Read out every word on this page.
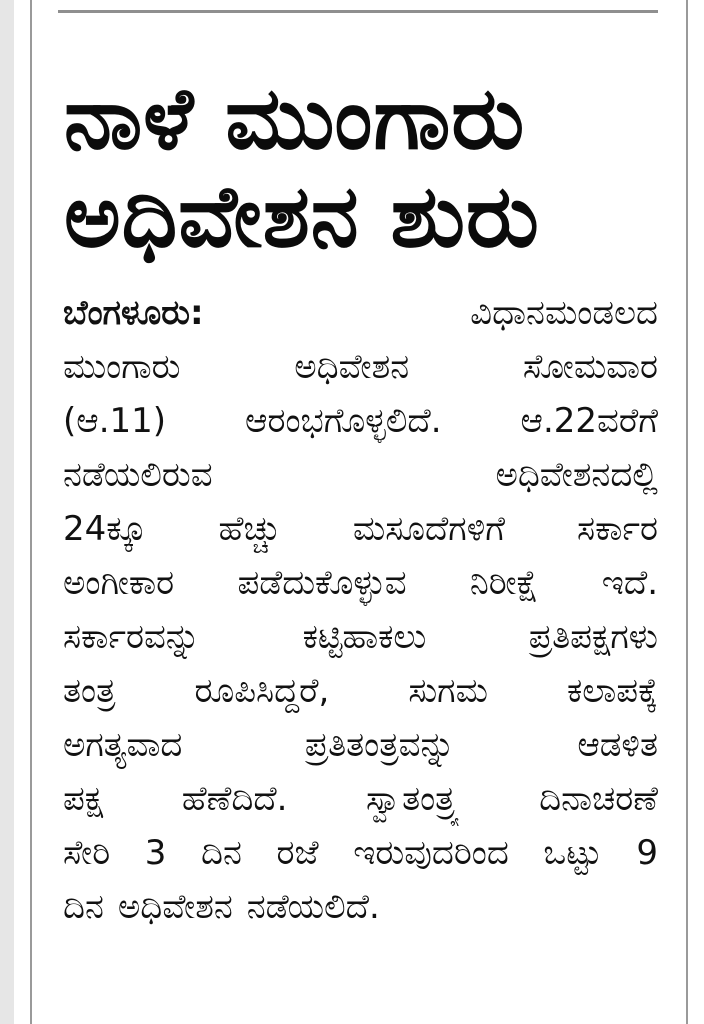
ನಾಳೆ ಮುಂಗಾರು
ಅಧಿವೇಶನ ಶುರು
ಬೆಂಗಳೂರು:	ವಿಧಾನಮಂಡಲದ
ಮುಂಗಾರು	ಅಧಿವೇಶನ	ಸೋಮವಾರ
(ಆ.11) ಆರಂಭಗೊಳ್ಳಲಿದೆ. ಆ.22ವರೆಗೆ
ನಡೆಯಲಿರುವ	ಅಧಿವೇಶನದಲ್ಲಿ
24ಕ್ಕೂ ಹೆಚ್ಚು ಮಸೂದೆಗಳಿಗೆ ಸರ್ಕಾರ
ಅಂಗೀಕಾರ ಪಡೆದುಕೊಳ್ಳುವ ನಿರೀಕ್ಷೆ ಇದೆ.
ಸರ್ಕಾರವನ್ನು	ಕಟ್ಟಿಹಾಕಲು	ಪ್ರತಿಪಕ್ಷಗಳು
ತಂತ್ರ ರೂಪಿಸಿದ್ದರೆ, ಸುಗಮ ಕಲಾಪಕ್ಕೆ
ಅಗತ್ಯವಾದ	ಪ್ರತಿತಂತ್ರವನ್ನು	ಆಡಳಿತ
ಪಕ್ಷ ಹೆಣೆದಿದೆ. ಸ್ವಾತಂತ್ರ್ಯ ದಿನಾಚರಣೆ
ಸೇರಿ 3 ದಿನ ರಜೆ ಇರುವುದರಿಂದ ಒಟ್ಟು 9
ದಿನ ಅಧಿವೇಶನ ನಡೆಯಲಿದೆ.
